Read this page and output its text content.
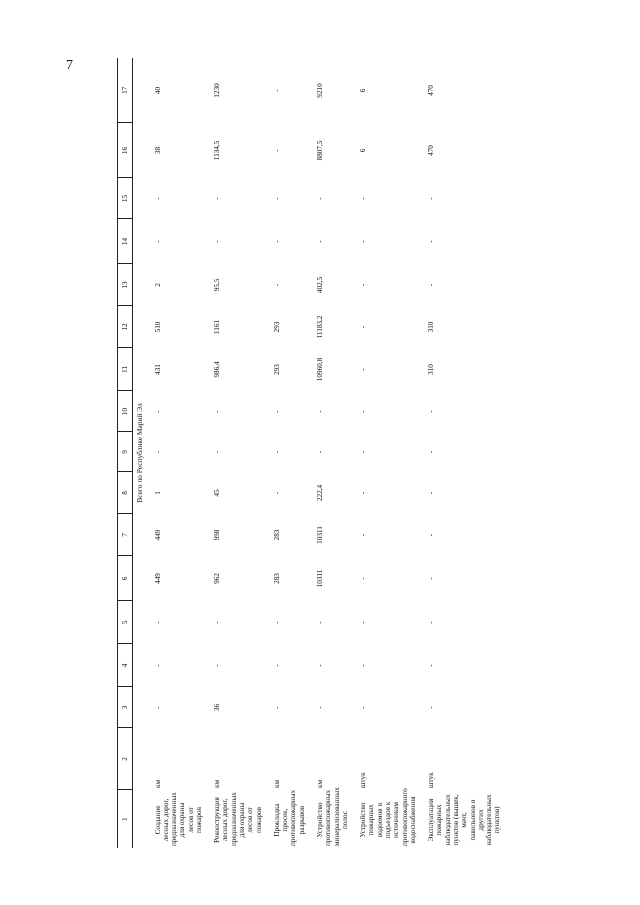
7
1	2	3	4	5	6	7	8	9	10	11	12	13	14	15	16	17
Всего по Республике Марий Эл																
Создание лесных дорог, предназначенных для охраны лесов от пожаров	км	-	-	-	449	449	1	-	-	431	510	2	-	-	38	40
Реконструкция лесных дорог, предназначенных для охраны лесов от пожаров	км	36	-	-	962	998	45	-	-	986,4	1161	95,5	-	-	1134,5	1230
Прокладка просек, противопожарных разрывов	км	-	-	-	283	283	-	-	-	293	293	-	-	-	-	-
Устройство противопожарных минерализованных полос	км	-	-	-	10311	10311	222,4	-	-	10960,8	11183,2	402,5	-	-	8807,5	9210
Устройство пожарных водоемов и подъездов к источникам противопожарного водоснабжения	штук	-	-	-	-	-	-	-	-	-	-	-	-	-	6	6
Эксплуатация пожарных наблюдательных пунктов (вышек, мачт, павильонов и других наблюдательных пунктов)	штук	-	-	-	-	-	-	-	-	310	310	-	-	-	470	470
